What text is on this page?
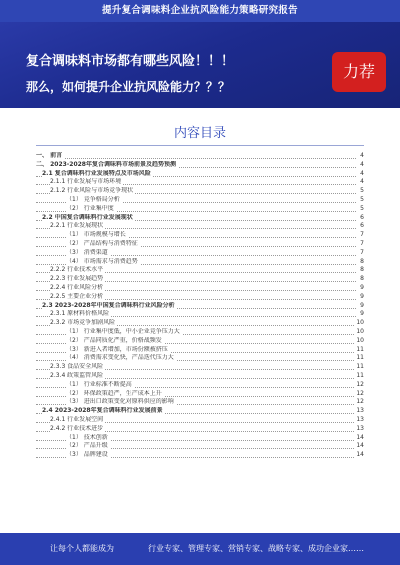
提升复合调味料企业抗风险能力策略研究报告
复合调味料市场都有哪些风险！！！
那么，如何提升企业抗风险能力？？？
力荐
内容目录
一、 前言	4
二、 2023-2028年复合调味料市场前景及趋势预测	4
2.1 复合调味料行业发展特点及市场风险	4
2.1.1 行业发展与市场环境	4
2.1.2 行业风险与市场竞争现状	5
（1） 竞争格局分析	5
（2） 行业集中度	5
2.2 中国复合调味料行业发展现状	6
2.2.1 行业发展现状	6
（1） 市场规模与增长	7
（2） 产品结构与消费特征	7
（3） 消费渠道	7
（4） 市场需求与消费趋势	8
2.2.2 行业技术水平	8
2.2.3 行业发展趋势	8
2.2.4 行业风险分析	9
2.2.5 主要企业分析	9
2.3 2023-2028年中国复合调味料行业风险分析	9
2.3.1 原材料价格风险	9
2.3.2 市场竞争加剧风险	10
（1） 行业集中度低，中小企业竞争压力大	10
（2） 产品同质化严重，价格战频发	10
（3） 新进入者增加，市场份额被挤压	11
（4） 消费需求变化快，产品迭代压力大	11
2.3.3 食品安全风险	11
2.3.4 政策监管风险	11
（1） 行业标准不断提高	12
（2） 环保政策趋严，生产成本上升	12
（3） 进出口政策变化对原料供应的影响	12
2.4 2023-2028年复合调味料行业发展前景	13
2.4.1 行业发展空间	13
2.4.2 行业技术进步	13
（1） 技术创新	14
（2） 产品升级	14
（3） 品牌建设	14
让每个人都能成为	行业专家、管理专家、营销专家、战略专家、成功企业家……
